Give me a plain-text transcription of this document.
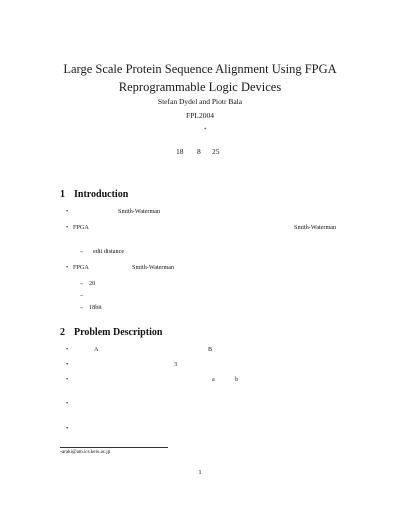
Large Scale Protein Sequence Alignment Using FPGA
Reprogrammable Logic Devices
Stefan Dydel and Piotr Bala
FPL2004
*
18 8 25
1 Introduction
•	Smith-Waterman
• FPGA	Smith-Waterman
– edit distance
• FPGA	Smith-Waterman
– 20
–
– 18bit
2 Problem Description
•	A	B
•	3
•	a	b
•
•
*araki@am.ics.keio.ac.jp
1
